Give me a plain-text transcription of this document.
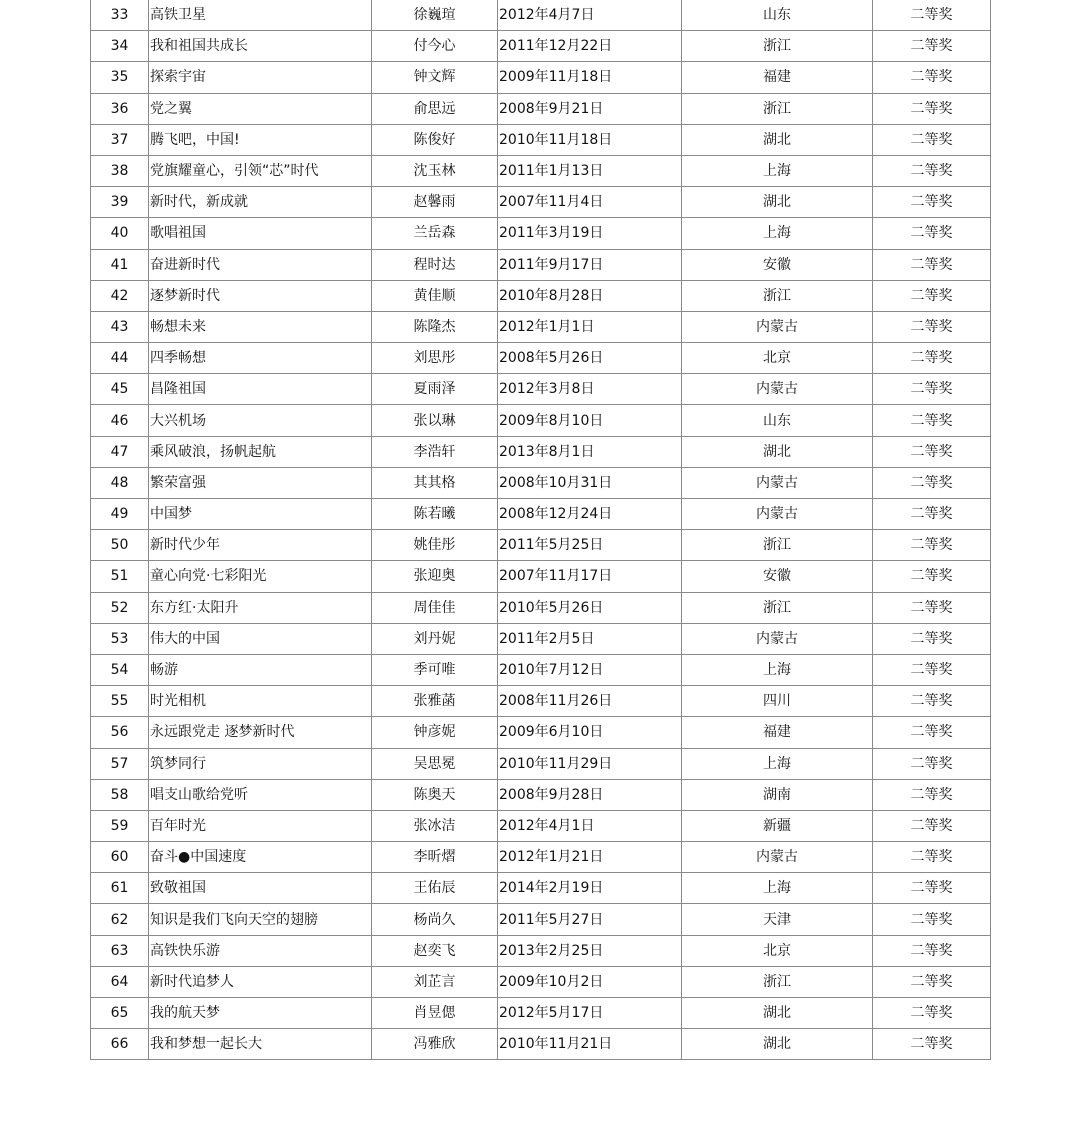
33	高铁卫星	徐巍瑄	2012年4月7日	山东	二等奖
34	我和祖国共成长	付今心	2011年12月22日	浙江	二等奖
35	探索宇宙	钟文辉	2009年11月18日	福建	二等奖
36	党之翼	俞思远	2008年9月21日	浙江	二等奖
37	腾飞吧，中国!	陈俊好	2010年11月18日	湖北	二等奖
38	党旗耀童心，引领“芯”时代	沈玉林	2011年1月13日	上海	二等奖
39	新时代，新成就	赵馨雨	2007年11月4日	湖北	二等奖
40	歌唱祖国	兰岳森	2011年3月19日	上海	二等奖
41	奋进新时代	程时达	2011年9月17日	安徽	二等奖
42	逐梦新时代	黄佳顺	2010年8月28日	浙江	二等奖
43	畅想未来	陈隆杰	2012年1月1日	内蒙古	二等奖
44	四季畅想	刘思彤	2008年5月26日	北京	二等奖
45	昌隆祖国	夏雨泽	2012年3月8日	内蒙古	二等奖
46	大兴机场	张以琳	2009年8月10日	山东	二等奖
47	乘风破浪，扬帆起航	李浩轩	2013年8月1日	湖北	二等奖
48	繁荣富强	其其格	2008年10月31日	内蒙古	二等奖
49	中国梦	陈若曦	2008年12月24日	内蒙古	二等奖
50	新时代少年	姚佳彤	2011年5月25日	浙江	二等奖
51	童心向党·七彩阳光	张迎奥	2007年11月17日	安徽	二等奖
52	东方红·太阳升	周佳佳	2010年5月26日	浙江	二等奖
53	伟大的中国	刘丹妮	2011年2月5日	内蒙古	二等奖
54	畅游	季可唯	2010年7月12日	上海	二等奖
55	时光相机	张雅菡	2008年11月26日	四川	二等奖
56	永远跟党走 逐梦新时代	钟彦妮	2009年6月10日	福建	二等奖
57	筑梦同行	吴思冕	2010年11月29日	上海	二等奖
58	唱支山歌给党听	陈奥天	2008年9月28日	湖南	二等奖
59	百年时光	张冰洁	2012年4月1日	新疆	二等奖
60	奋斗●中国速度	李昕熠	2012年1月21日	内蒙古	二等奖
61	致敬祖国	王佑辰	2014年2月19日	上海	二等奖
62	知识是我们飞向天空的翅膀	杨尚久	2011年5月27日	天津	二等奖
63	高铁快乐游	赵奕飞	2013年2月25日	北京	二等奖
64	新时代追梦人	刘芷言	2009年10月2日	浙江	二等奖
65	我的航天梦	肖昱偲	2012年5月17日	湖北	二等奖
66	我和梦想一起长大	冯雅欣	2010年11月21日	湖北	二等奖
